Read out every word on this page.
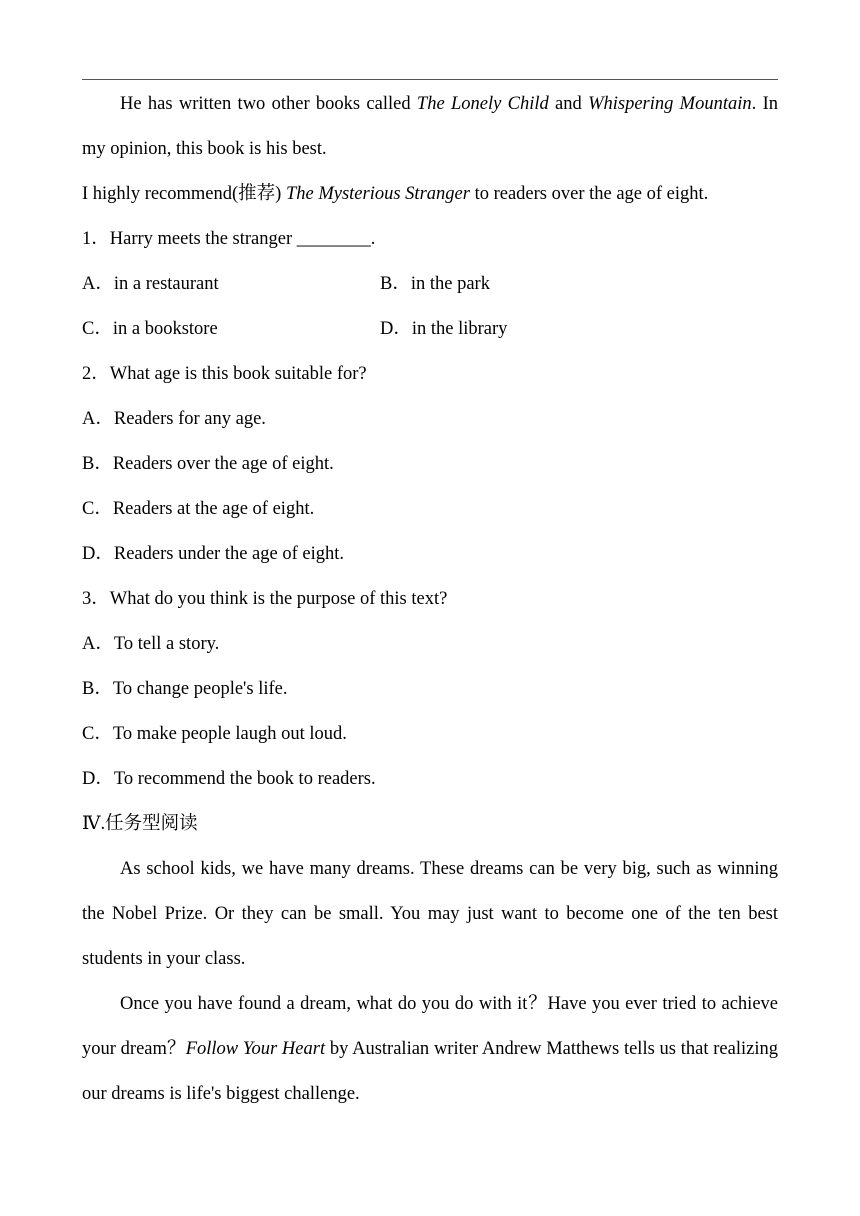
He has written two other books called The Lonely Child and Whispering Mountain. In my opinion, this book is his best.

I highly recommend(推荐) The Mysterious Stranger to readers over the age of eight.

1．Harry meets the stranger ________.

A．in a restaurant	B．in the park
C．in a bookstore	D．in the library

2．What age is this book suitable for?

A．Readers for any age.

B．Readers over the age of eight.

C．Readers at the age of eight.

D．Readers under the age of eight.

3．What do you think is the purpose of this text?

A．To tell a story.

B．To change people's life.

C．To make people laugh out loud.

D．To recommend the book to readers.

Ⅳ.任务型阅读

As school kids, we have many dreams. These dreams can be very big, such as winning the Nobel Prize. Or they can be small. You may just want to become one of the ten best students in your class.

Once you have found a dream, what do you do with it？Have you ever tried to achieve your dream？Follow Your Heart by Australian writer Andrew Matthews tells us that realizing our dreams is life's biggest challenge.
